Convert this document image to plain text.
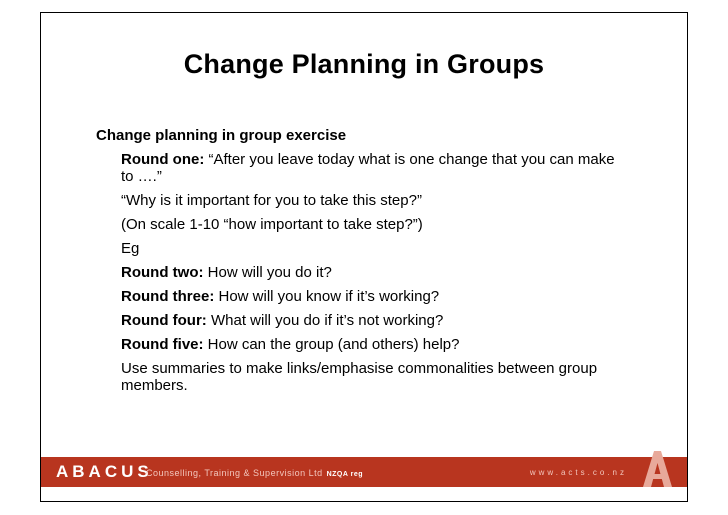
Change Planning in Groups
Change planning in group exercise
Round one: “After you leave today what is one change that you can make to ….”
“Why is it important for you to take this step?”
(On scale 1-10 “how important to take step?”)
Eg
Round two: How will you do it?
Round three: How will you know if it’s working?
Round four: What will you do if it’s not working?
Round five: How can the group (and others) help?
Use summaries to make links/emphasise commonalities between group members.
ABACUS
Counselling, Training & Supervision Ltd NZQA reg	www.acts.co.nz
